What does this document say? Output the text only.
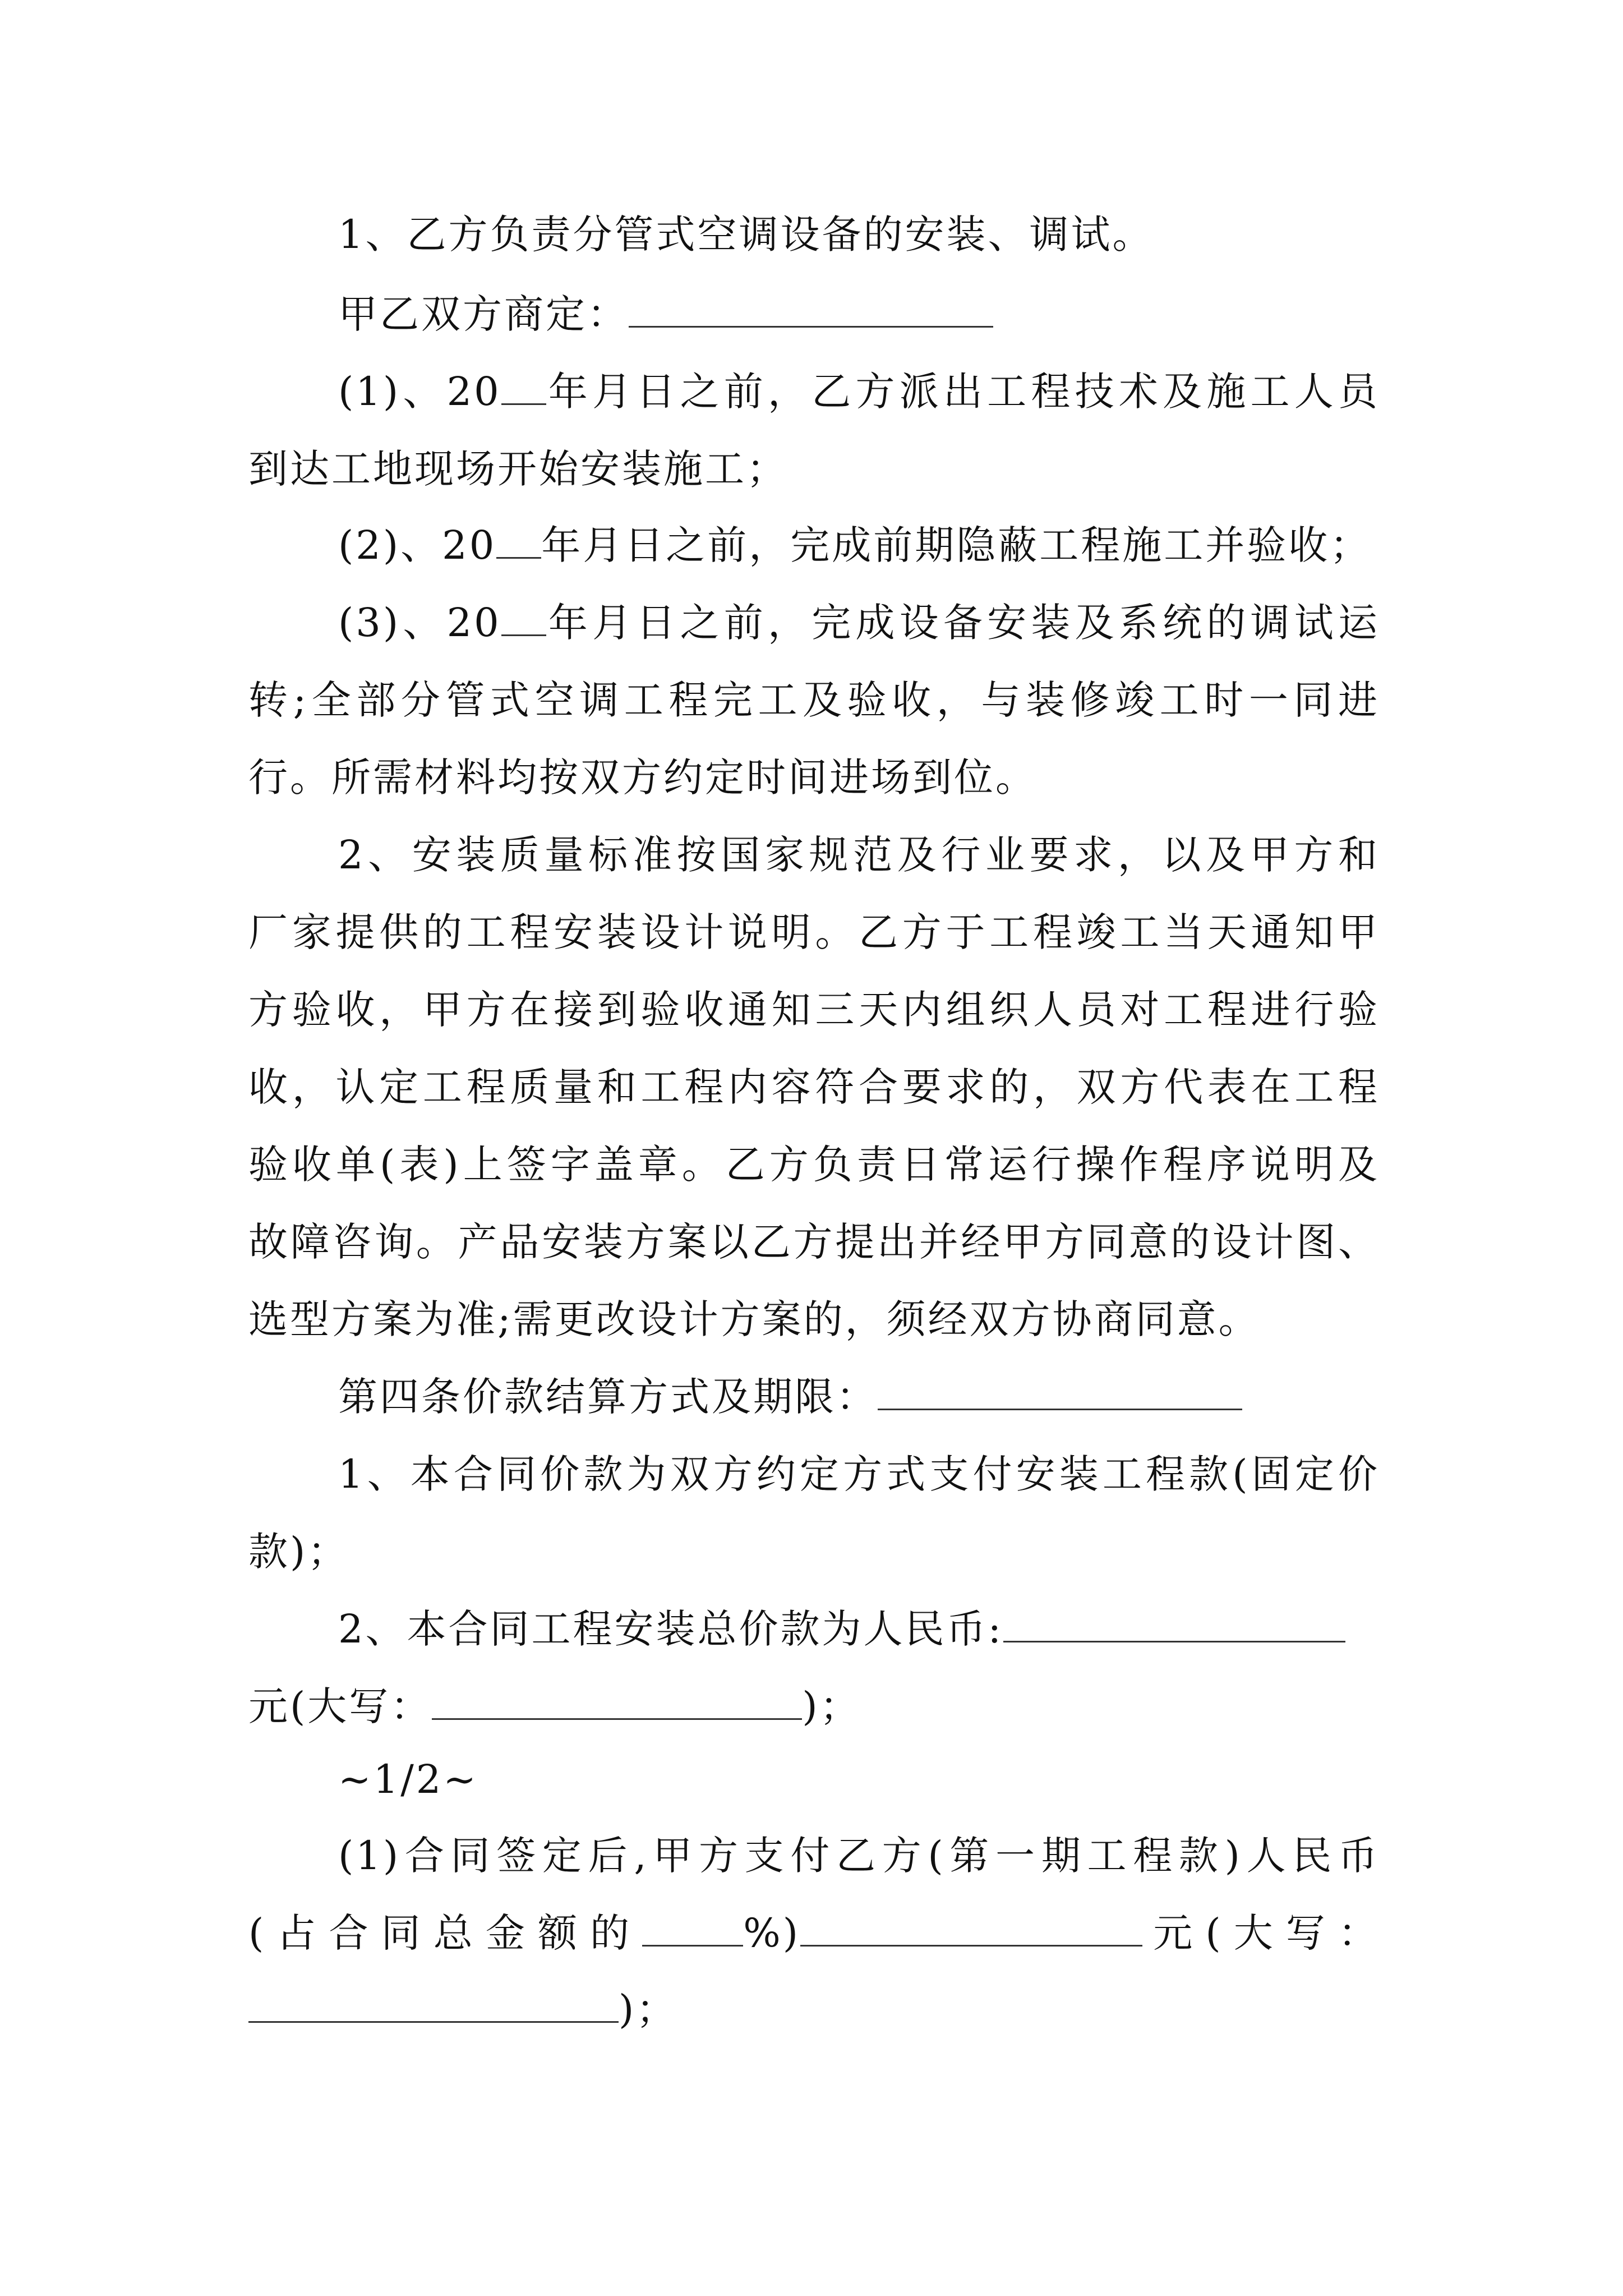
1、乙方负责分管式空调设备的安装、调试。
甲乙双方商定：
(1)、20 年月日之前，乙方派出工程技术及施工人员
到达工地现场开始安装施工；
(2)、20 年月日之前，完成前期隐蔽工程施工并验收；
(3)、20 年月日之前，完成设备安装及系统的调试运
转;全部分管式空调工程完工及验收，与装修竣工时一同进
行。所需材料均按双方约定时间进场到位。
2、安装质量标准按国家规范及行业要求，以及甲方和
厂家提供的工程安装设计说明。乙方于工程竣工当天通知甲
方验收，甲方在接到验收通知三天内组织人员对工程进行验
收，认定工程质量和工程内容符合要求的，双方代表在工程
验收单(表)上签字盖章。乙方负责日常运行操作程序说明及
故障咨询。产品安装方案以乙方提出并经甲方同意的设计图、
选型方案为准;需更改设计方案的，须经双方协商同意。
第四条价款结算方式及期限：
1、本合同价款为双方约定方式支付安装工程款(固定价
款)；
2、本合同工程安装总价款为人民币:
元(大写：	)；
~1/2~
(1)合同签定后,甲方支付乙方(第一期工程款)人民币
(占合同总金额的	%)	元(大写：
)；
